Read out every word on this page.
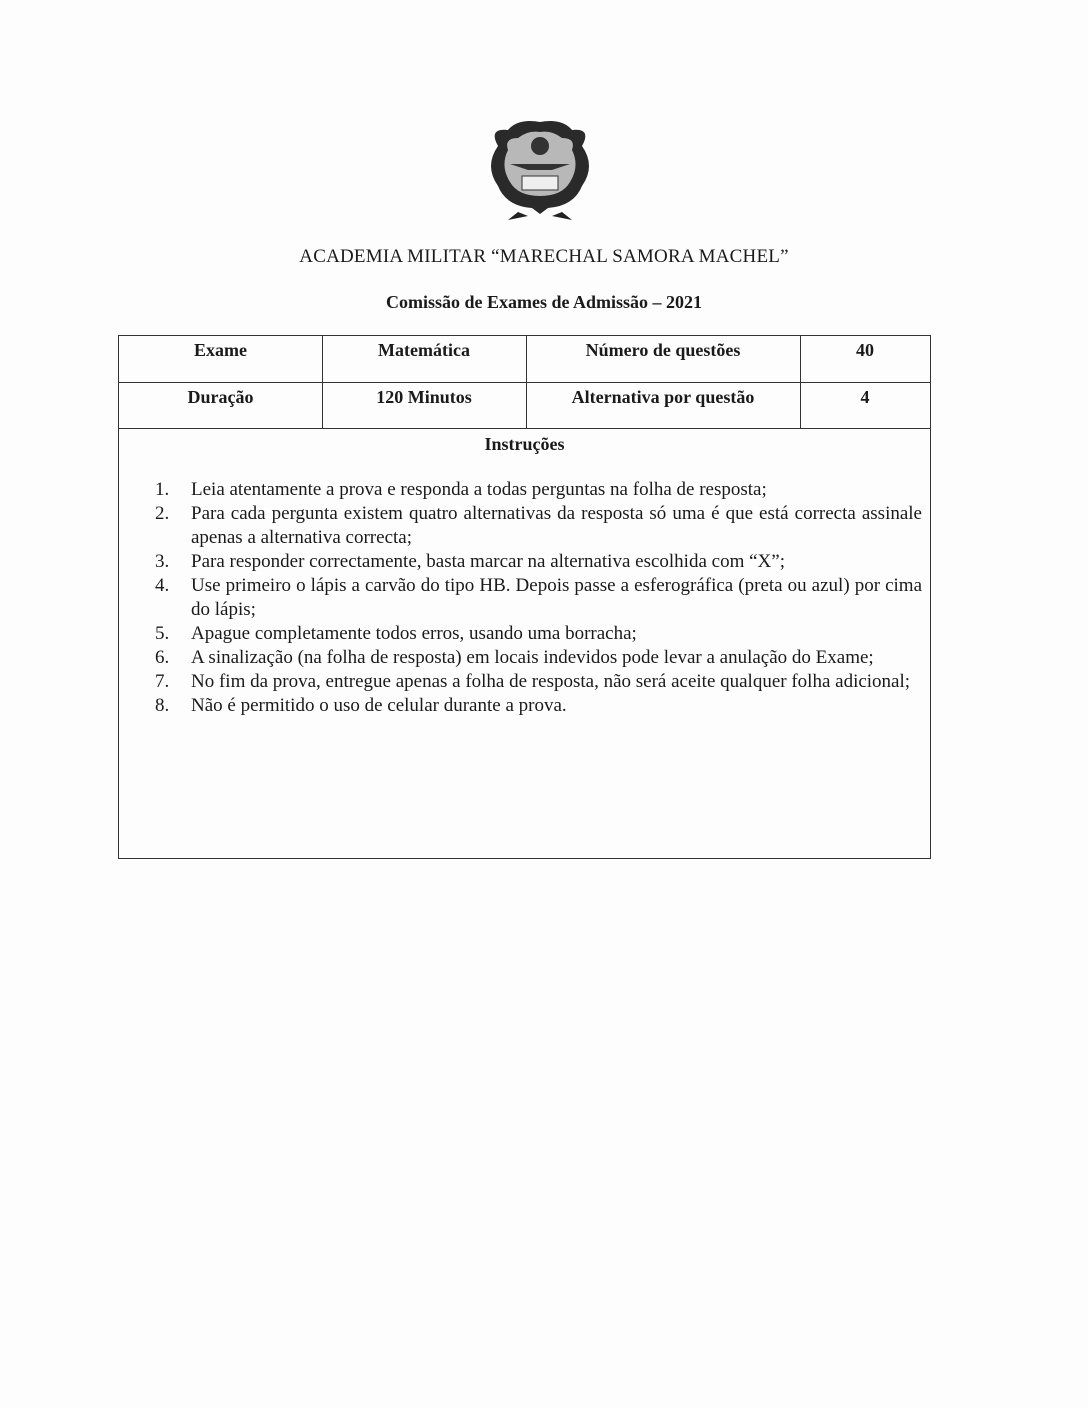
ACADEMIA MILITAR “MARECHAL SAMORA MACHEL”
Comissão de Exames de Admissão – 2021
Exame	Matemática	Número de questões	40
Duração	120 Minutos	Alternativa por questão	4
Instruções
1.	Leia atentamente a prova e responda a todas perguntas na folha de resposta;
2.	Para cada pergunta existem quatro alternativas da resposta só uma é que está correcta assinale apenas a alternativa correcta;
3.	Para responder correctamente, basta marcar na alternativa escolhida com “X”;
4.	Use primeiro o lápis a carvão do tipo HB. Depois passe a esferográfica (preta ou azul) por cima do lápis;
5.	Apague completamente todos erros, usando uma borracha;
6.	A sinalização (na folha de resposta) em locais indevidos pode levar a anulação do Exame;
7.	No fim da prova, entregue apenas a folha de resposta, não será aceite qualquer folha adicional;
8.	Não é permitido o uso de celular durante a prova.
